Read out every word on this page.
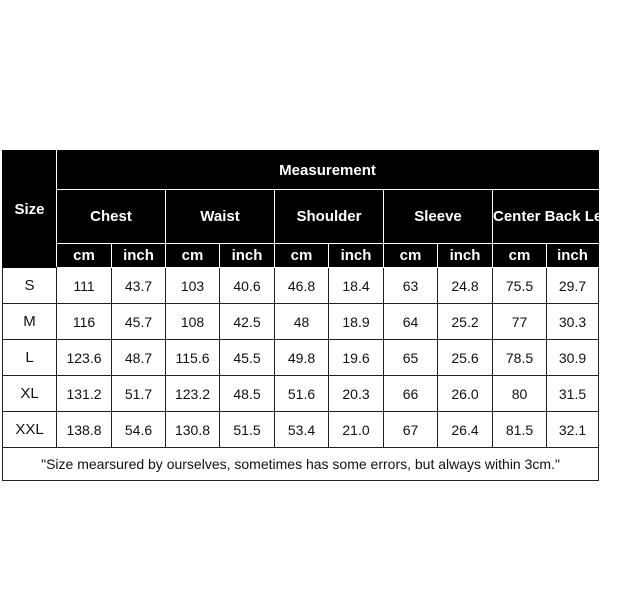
Size	Measurement									
	Chest		Waist		Shoulder		Sleeve		Center Back Length	
	cm	inch	cm	inch	cm	inch	cm	inch	cm	inch
S	111	43.7	103	40.6	46.8	18.4	63	24.8	75.5	29.7
M	116	45.7	108	42.5	48	18.9	64	25.2	77	30.3
L	123.6	48.7	115.6	45.5	49.8	19.6	65	25.6	78.5	30.9
XL	131.2	51.7	123.2	48.5	51.6	20.3	66	26.0	80	31.5
XXL	138.8	54.6	130.8	51.5	53.4	21.0	67	26.4	81.5	32.1
"Size mearsured by ourselves, sometimes has some errors, but always within 3cm."										
